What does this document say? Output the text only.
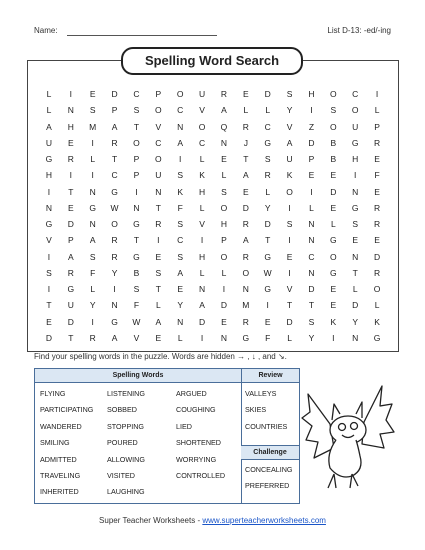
Name:	List D-13: -ed/-ing
Spelling Word Search
L	I	E	D	C	P	O	U	R	E	D	S	H	O	C	I
L	N	S	P	S	O	C	V	A	L	L	Y	I	S	O	L
A	H	M	A	T	V	N	O	Q	R	C	V	Z	O	U	P
U	E	I	R	O	C	A	C	N	J	G	A	D	B	G	R
G	R	L	T	P	O	I	L	E	T	S	U	P	B	H	E
H	I	I	C	P	U	S	K	L	A	R	K	E	E	I	F
I	T	N	G	I	N	K	H	S	E	L	O	I	D	N	E
N	E	G	W	N	T	F	L	O	D	Y	I	L	E	G	R
G	D	N	O	G	R	S	V	H	R	D	S	N	L	S	R
V	P	A	R	T	I	C	I	P	A	T	I	N	G	E	E
I	A	S	R	G	E	S	H	O	R	G	E	C	O	N	D
S	R	F	Y	B	S	A	L	L	O	W	I	N	G	T	R
I	G	L	I	S	T	E	N	I	N	G	V	D	E	L	O
T	U	Y	N	F	L	Y	A	D	M	I	T	T	E	D	L
E	D	I	G	W	A	N	D	E	R	E	D	S	K	Y	K
D	T	R	A	V	E	L	I	N	G	F	L	Y	I	N	G
Find your spelling words in the puzzle. Words are hidden → , ↓ , and ↘.
Spelling Words	Review
FLYING
PARTICIPATING
WANDERED
SMILING
ADMITTED
TRAVELING
INHERITED
LISTENING
SOBBED
STOPPING
POURED
ALLOWING
VISITED
LAUGHING
ARGUED
COUGHING
LIED
SHORTENED
WORRYING
CONTROLLED
VALLEYS
SKIES
COUNTRIES
Challenge
CONCEALING
PREFERRED
Super Teacher Worksheets - www.superteacherworksheets.com
